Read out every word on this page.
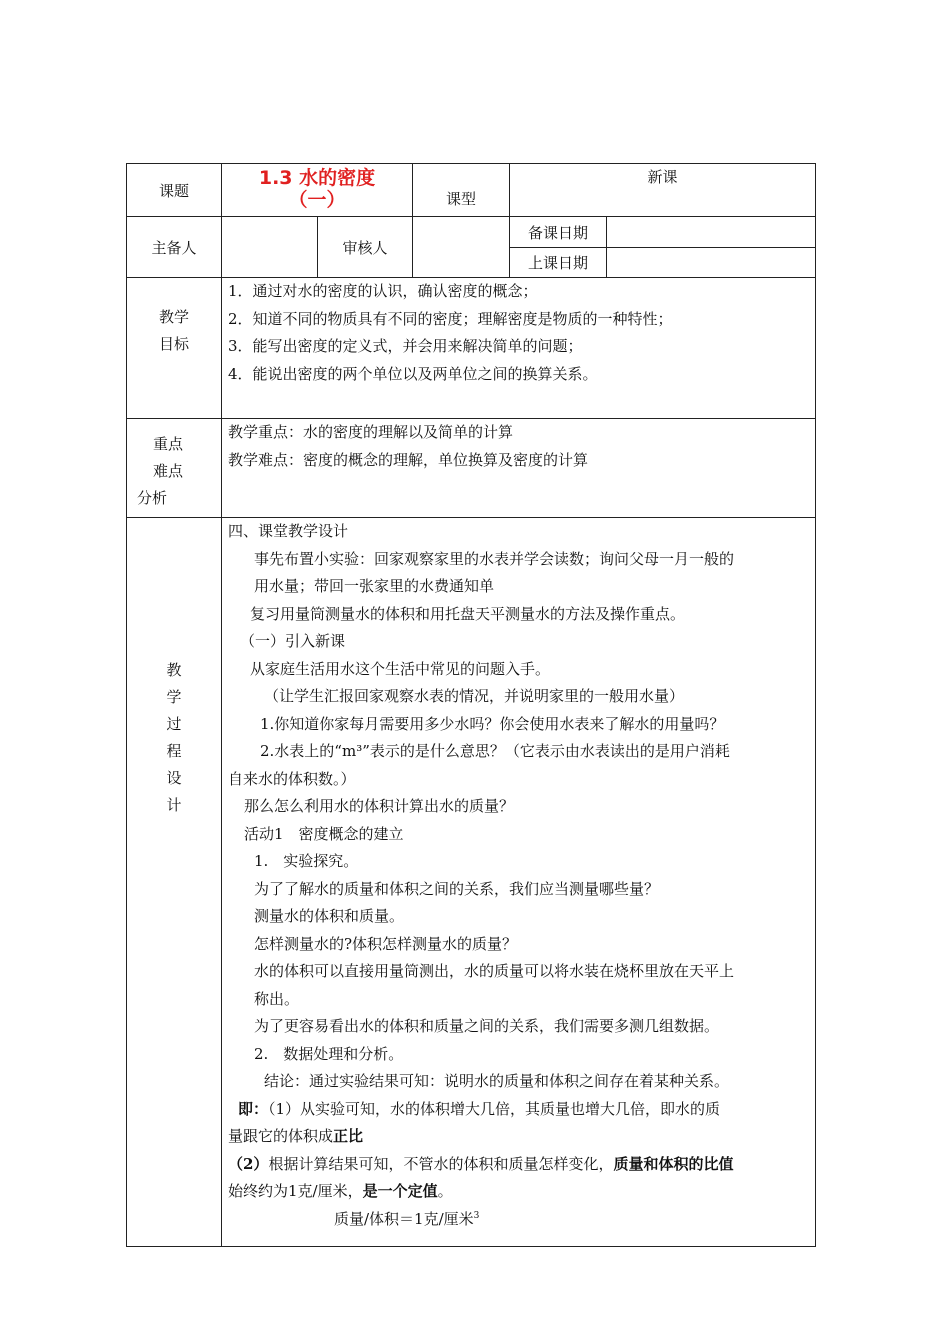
课题
1.3 水的密度
（一）	课型
新课
主备人	审核人
备课日期
上课日期
教学
目标

1．通过对水的密度的认识，确认密度的概念；

2．知道不同的物质具有不同的密度；理解密度是物质的一种特性；

3．能写出密度的定义式，并会用来解决简单的问题；

4．能说出密度的两个单位以及两单位之间的换算关系。

重点
难点
分析

教学重点：水的密度的理解以及简单的计算

教学难点：密度的概念的理解，单位换算及密度的计算

教
学
过
程
设
计

四、课堂教学设计

事先布置小实验：回家观察家里的水表并学会读数；询问父母一月一般的

用水量；带回一张家里的水费通知单

复习用量筒测量水的体积和用托盘天平测量水的方法及操作重点。

（一）引入新课

从家庭生活用水这个生活中常见的问题入手。

（让学生汇报回家观察水表的情况，并说明家里的一般用水量）

1.你知道你家每月需要用多少水吗？你会使用水表来了解水的用量吗？

2.水表上的“m³”表示的是什么意思？（它表示由水表读出的是用户消耗

自来水的体积数。）

那么怎么利用水的体积计算出水的质量？

活动1　密度概念的建立

1.　实验探究。

为了了解水的质量和体积之间的关系，我们应当测量哪些量？

测量水的体积和质量。

怎样测量水的?体积怎样测量水的质量？

水的体积可以直接用量筒测出，水的质量可以将水装在烧杯里放在天平上

称出。

为了更容易看出水的体积和质量之间的关系，我们需要多测几组数据。

2.　数据处理和分析。

结论：通过实验结果可知：说明水的质量和体积之间存在着某种关系。

即：（1）从实验可知，水的体积增大几倍，其质量也增大几倍，即水的质

量跟它的体积成正比

（2）根据计算结果可知，不管水的体积和质量怎样变化，质量和体积的比值

始终约为1克/厘米，是一个定值。

质量/体积＝1克/厘米$^3$
